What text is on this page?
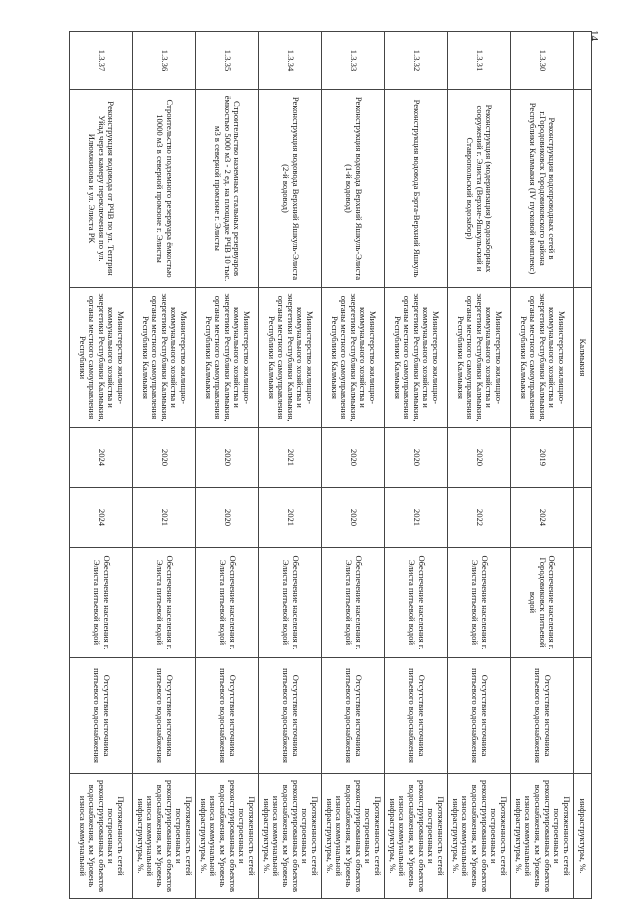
14
		Калмыкия					инфраструктуры, %.
1.3.30	Реконструкция водопроводных сетей в г.Городовиковск Городовиковского района Республики Калмыкия (IV пусковой комплекс)	Министерство жилищно-коммунального хозяйства и энергетики Республики Калмыкия, органы местного самоуправления Республики Калмыкия	2019	2024	Обеспечение населения г. Городовиковск питьевой водой	Отсутствие источника питьевого водоснабжения	Протяженность сетей построенных и реконструированных объектов водоснабжения, км Уровень износа коммунальной инфраструктуры, %.
1.3.31	Реконструкция (модернизация) водозаборных сооружений г. Элиста (Верхне-Яшкульский и Ставропольский водозабор)	Министерство жилищно-коммунального хозяйства и энергетики Республики Калмыкия, органы местного самоуправления Республики Калмыкия	2020	2022	Обеспечение населения г. Элиста питьевой водой	Отсутствие источника питьевого водоснабжения	Протяженность сетей построенных и реконструированных объектов водоснабжения, км Уровень износа коммунальной инфраструктуры, %.
1.3.32	Реконструкция водовода Бэрта-Верхний Яшкуль	Министерство жилищно-коммунального хозяйства и энергетики Республики Калмыкия, органы местного самоуправления Республики Калмыкия	2020	2021	Обеспечение населения г. Элиста питьевой водой	Отсутствие источника питьевого водоснабжения	Протяженность сетей построенных и реконструированных объектов водоснабжения, км Уровень износа коммунальной инфраструктуры, %.
1.3.33	Реконструкция водовода Верхний Яшкуль-Элиста (1-й водовод)	Министерство жилищно-коммунального хозяйства и энергетики Республики Калмыкия, органы местного самоуправления Республики Калмыкия	2020	2020	Обеспечение населения г. Элиста питьевой водой	Отсутствие источника питьевого водоснабжения	Протяженность сетей построенных и реконструированных объектов водоснабжения, км Уровень износа коммунальной инфраструктуры, %.
1.3.34	Реконструкция водовода Верхний Яшкуль-Элиста (2-й водовод)	Министерство жилищно-коммунального хозяйства и энергетики Республики Калмыкия, органы местного самоуправления Республики Калмыкия	2021	2021	Обеспечение населения г. Элиста питьевой водой	Отсутствие источника питьевого водоснабжения	Протяженность сетей построенных и реконструированных объектов водоснабжения, км Уровень износа коммунальной инфраструктуры, %.
1.3.35	Строительство наземных стальных резервуаров ёмкостью 5000 м3 - 2 ед. на площадке РЧВ 10 тыс. м3 в северной промзоне г. Элисты	Министерство жилищно-коммунального хозяйства и энергетики Республики Калмыкия, органы местного самоуправления Республики Калмыкия	2020	2020	Обеспечение населения г. Элиста питьевой водой	Отсутствие источника питьевого водоснабжения	Протяженность сетей построенных и реконструированных объектов водоснабжения, км Уровень износа коммунальной инфраструктуры, %.
1.3.36	Строительство подземного резервуара ёмкостью 10000 м3 в северной промзоне г. Элисты	Министерство жилищно-коммунального хозяйства и энергетики Республики Калмыкия, органы местного самоуправления Республики Калмыкия	2020	2021	Обеспечение населения г. Элиста питьевой водой	Отсутствие источника питьевого водоснабжения	Протяженность сетей построенных и реконструированных объектов водоснабжения, км Уровень износа коммунальной инфраструктуры, %.
1.3.37	Реконструкция водовода от РЧВ по ул. Тептрин Уйад через камеру переключения по ул. Илюмжинова и ул. Элиста РК	Министерство жилищно-коммунального хозяйства и энергетики Республики Калмыкия, органы местного самоуправления Республики	2024	2024	Обеспечение населения г. Элиста питьевой водой	Отсутствие источника питьевого водоснабжения	Протяженность сетей построенных и реконструированных объектов водоснабжения, км Уровень износа коммунальной
